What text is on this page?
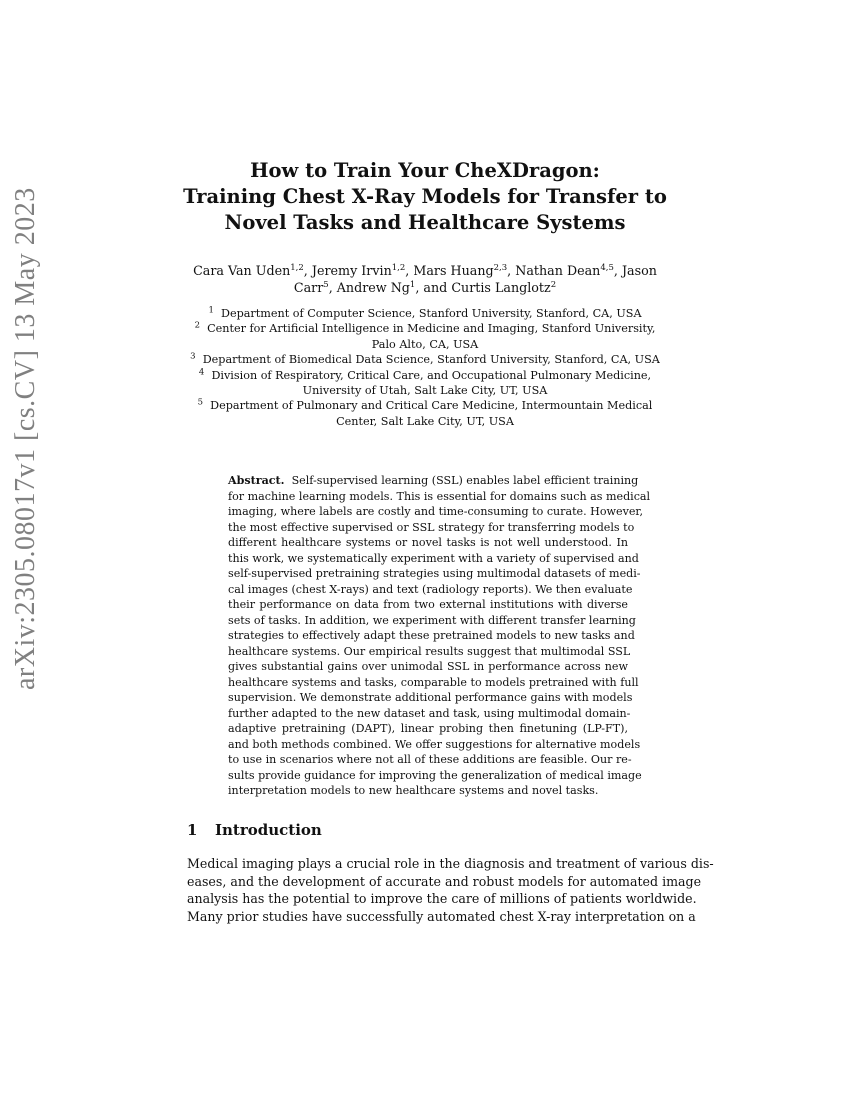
arXiv:2305.08017v1 [cs.CV] 13 May 2023
How to Train Your CheXDragon:
Training Chest X-Ray Models for Transfer to
Novel Tasks and Healthcare Systems
Cara Van Uden$^{1,2}$, Jeremy Irvin$^{1,2}$, Mars Huang$^{2,3}$, Nathan Dean$^{4,5}$, Jason
Carr$^5$, Andrew Ng$^1$, and Curtis Langlotz$^2$
$^1$ Department of Computer Science, Stanford University, Stanford, CA, USA
$^2$ Center for Artificial Intelligence in Medicine and Imaging, Stanford University,
Palo Alto, CA, USA
$^3$ Department of Biomedical Data Science, Stanford University, Stanford, CA, USA
$^4$ Division of Respiratory, Critical Care, and Occupational Pulmonary Medicine,
University of Utah, Salt Lake City, UT, USA
$^5$ Department of Pulmonary and Critical Care Medicine, Intermountain Medical
Center, Salt Lake City, UT, USA
Abstract. Self-supervised learning (SSL) enables label efficient training
for machine learning models. This is essential for domains such as medical
imaging, where labels are costly and time-consuming to curate. However,
the most effective supervised or SSL strategy for transferring models to
different healthcare systems or novel tasks is not well understood. In
this work, we systematically experiment with a variety of supervised and
self-supervised pretraining strategies using multimodal datasets of medi-
cal images (chest X-rays) and text (radiology reports). We then evaluate
their performance on data from two external institutions with diverse
sets of tasks. In addition, we experiment with different transfer learning
strategies to effectively adapt these pretrained models to new tasks and
healthcare systems. Our empirical results suggest that multimodal SSL
gives substantial gains over unimodal SSL in performance across new
healthcare systems and tasks, comparable to models pretrained with full
supervision. We demonstrate additional performance gains with models
further adapted to the new dataset and task, using multimodal domain-
adaptive pretraining (DAPT), linear probing then finetuning (LP-FT),
and both methods combined. We offer suggestions for alternative models
to use in scenarios where not all of these additions are feasible. Our re-
sults provide guidance for improving the generalization of medical image
interpretation models to new healthcare systems and novel tasks.
1 Introduction
Medical imaging plays a crucial role in the diagnosis and treatment of various dis-
eases, and the development of accurate and robust models for automated image
analysis has the potential to improve the care of millions of patients worldwide.
Many prior studies have successfully automated chest X-ray interpretation on a
